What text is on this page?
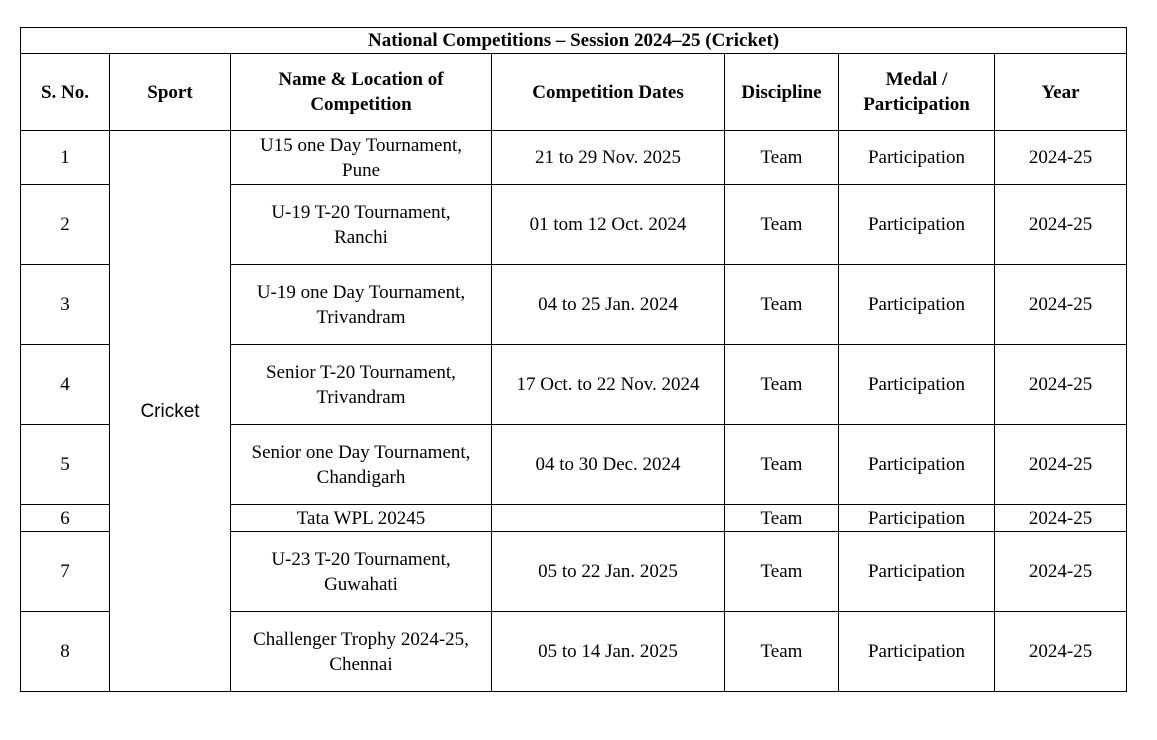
National Competitions – Session 2024–25 (Cricket)						
S. No.	Sport	Name & Location of
Competition	Competition Dates	Discipline	Medal /
Participation	Year
1	Cricket	U15 one Day Tournament,
Pune	21 to 29 Nov. 2025	Team	Participation	2024-25
2		U-19 T-20 Tournament,
Ranchi	01 tom 12 Oct. 2024	Team	Participation	2024-25
3		U-19 one Day Tournament,
Trivandram	04 to 25 Jan. 2024	Team	Participation	2024-25
4		Senior T-20 Tournament,
Trivandram	17 Oct. to 22 Nov. 2024	Team	Participation	2024-25
5		Senior one Day Tournament,
Chandigarh	04 to 30 Dec. 2024	Team	Participation	2024-25
6		Tata WPL 20245		Team	Participation	2024-25
7		U-23 T-20 Tournament,
Guwahati	05 to 22 Jan. 2025	Team	Participation	2024-25
8		Challenger Trophy 2024-25,
Chennai	05 to 14 Jan. 2025	Team	Participation	2024-25
